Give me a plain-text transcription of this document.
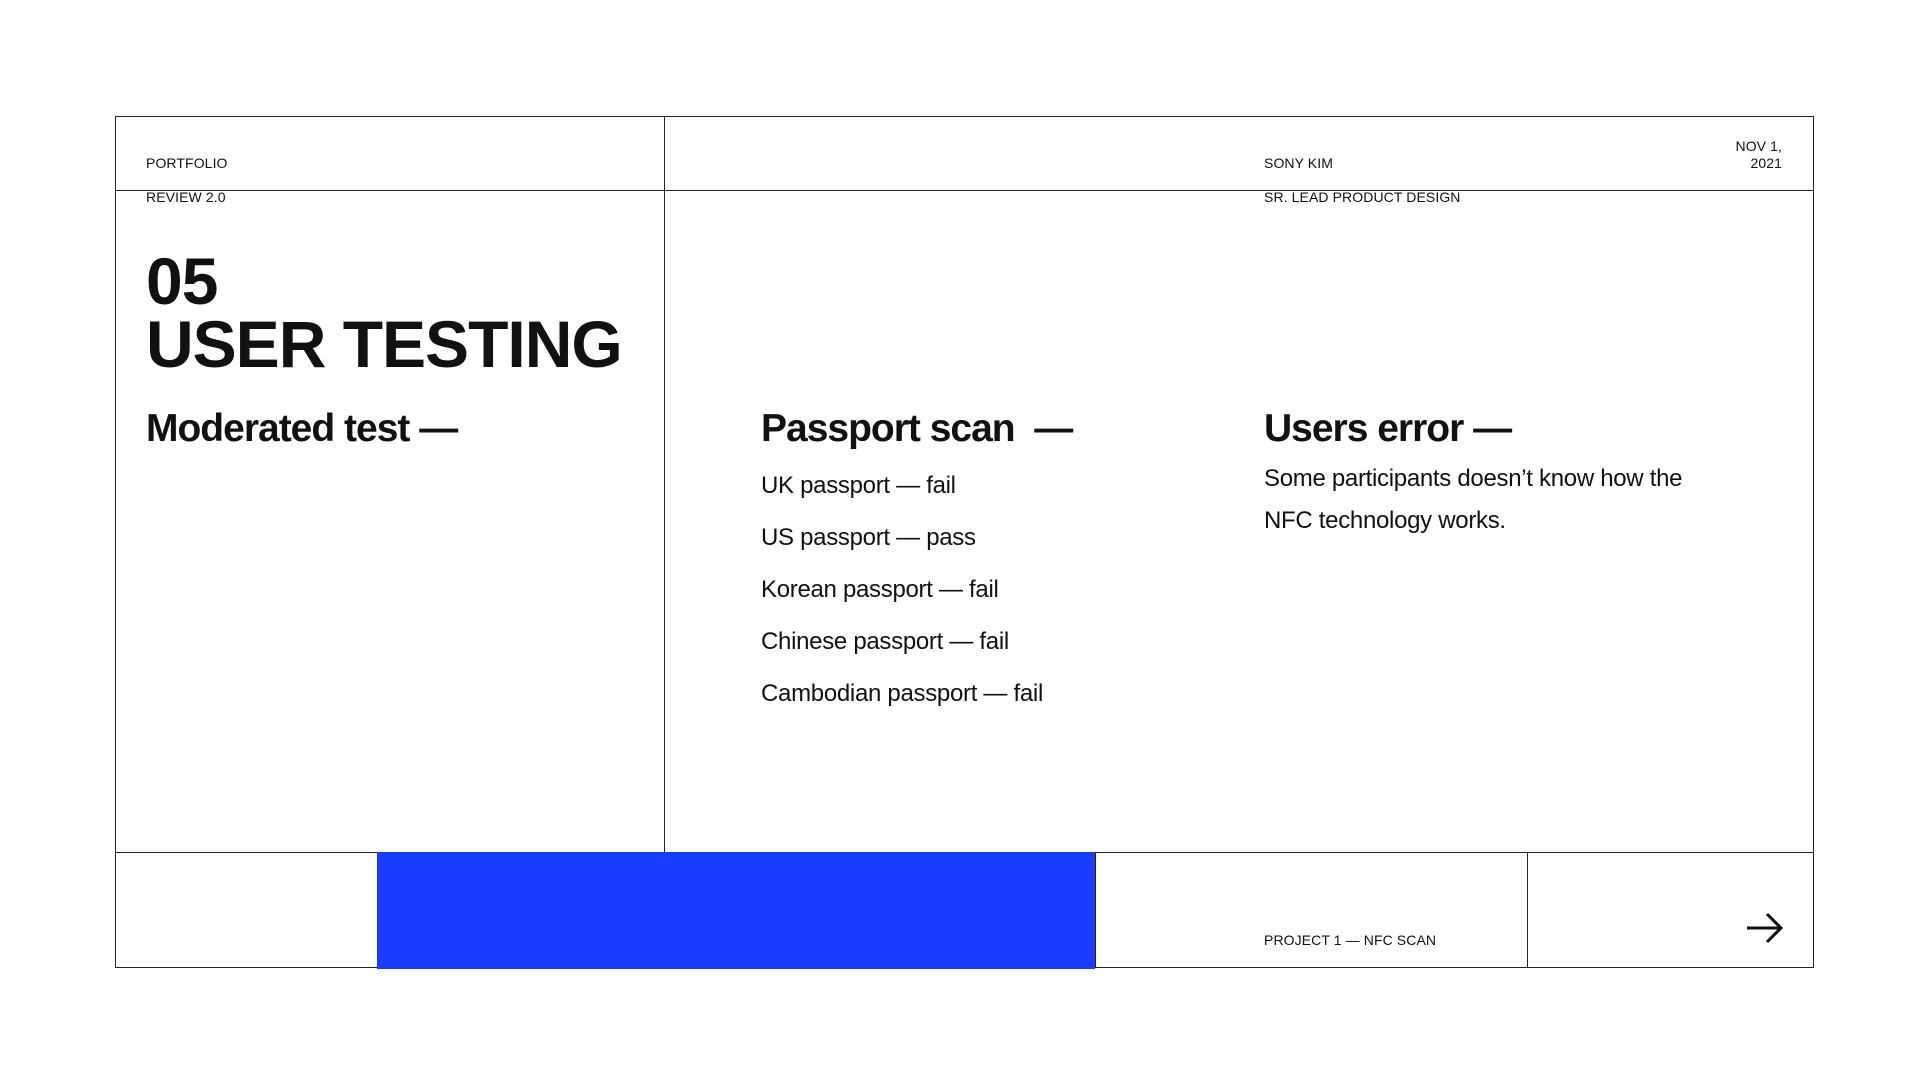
PORTFOLIO

REVIEW 2.0

SONY KIM

SR. LEAD PRODUCT DESIGN

NOV 1, 2021
05
USER TESTING
Moderated test —	Passport scan  —
UK passport — fail
US passport — pass
Korean passport — fail
Chinese passport — fail
Cambodian passport — fail
Users error —

Some participants doesn’t know how the NFC technology works.

PROJECT 1 — NFC SCAN
